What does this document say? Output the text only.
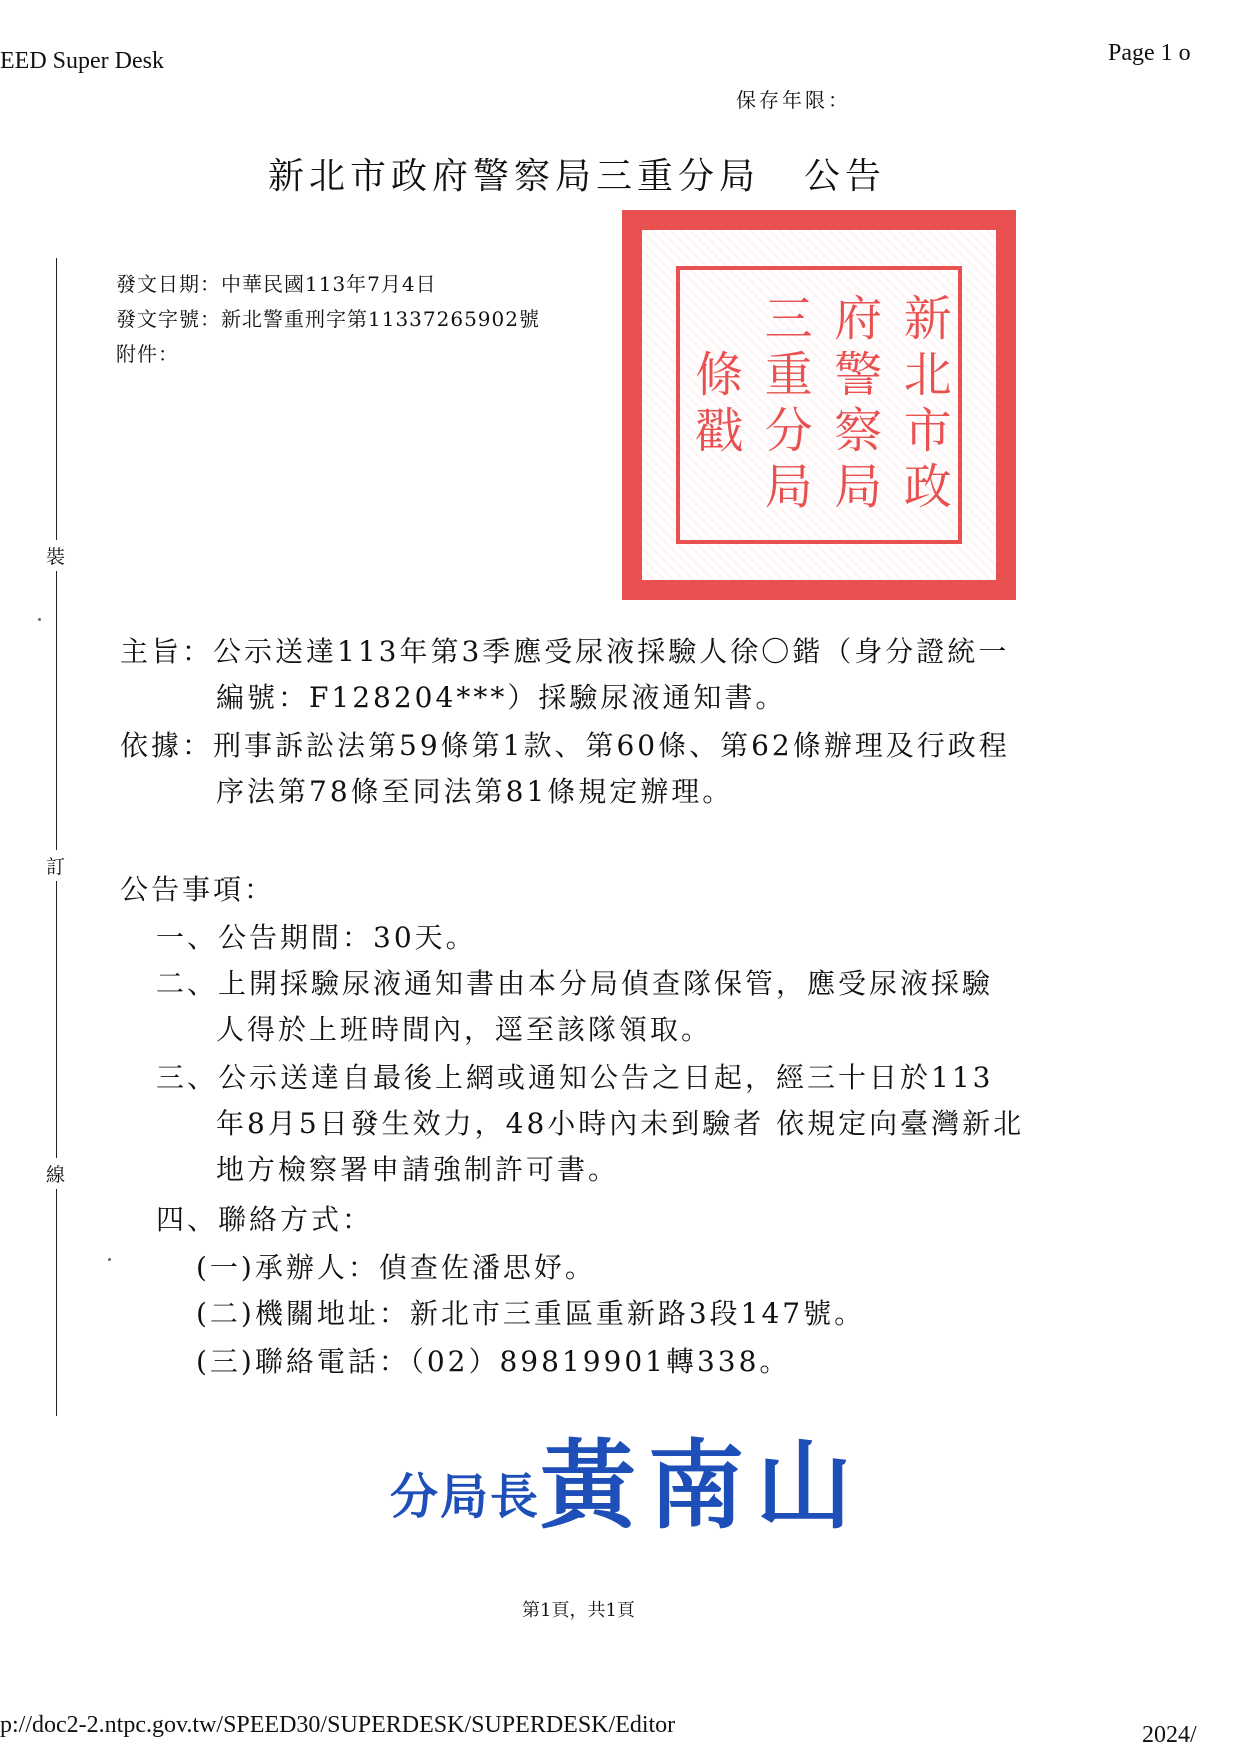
EED Super Desk	Page 1 o
保存年限：
新北市政府警察局三重分局 公告
新北市政
府警察局
三重分局
條戳
裝
訂
線
發文日期：中華民國113年7月4日
發文字號：新北警重刑字第11337265902號
附件：
主旨：公示送達113年第3季應受尿液採驗人徐〇鍇（身分證統一
編號：F128204***）採驗尿液通知書。
依據：刑事訴訟法第59條第1款、第60條、第62條辦理及行政程
序法第78條至同法第81條規定辦理。
公告事項：
一、公告期間：30天。
二、上開採驗尿液通知書由本分局偵查隊保管，應受尿液採驗
人得於上班時間內，逕至該隊領取。
三、公示送達自最後上網或通知公告之日起，經三十日於113
年8月5日發生效力，48小時內未到驗者 依規定向臺灣新北
地方檢察署申請強制許可書。
四、聯絡方式：
(一)承辦人：偵查佐潘思妤。
(二)機關地址：新北市三重區重新路3段147號。
(三)聯絡電話：（02）89819901轉338。
分局長黃南山
第1頁，共1頁
p://doc2-2.ntpc.gov.tw/SPEED30/SUPERDESK/SUPERDESK/Editor	2024/
